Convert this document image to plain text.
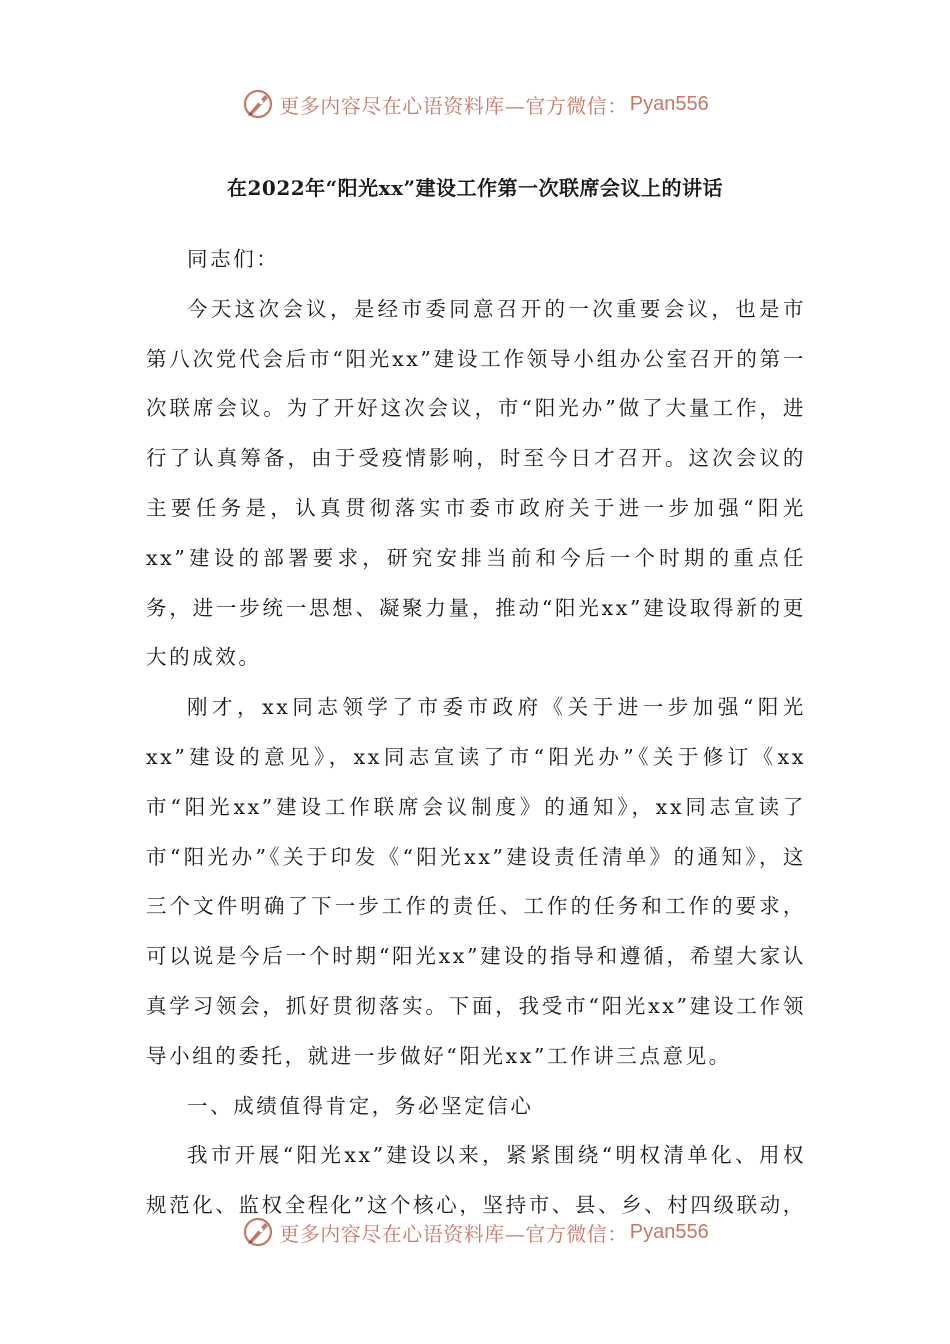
更多内容尽在心语资料库—官方微信： Pyan556
在2022年“阳光xx”建设工作第一次联席会议上的讲话

同志们：

今天这次会议，是经市委同意召开的一次重要会议，也是市第八次党代会后市“阳光xx”建设工作领导小组办公室召开的第一次联席会议。为了开好这次会议，市“阳光办”做了大量工作，进行了认真筹备，由于受疫情影响，时至今日才召开。这次会议的主要任务是，认真贯彻落实市委市政府关于进一步加强“阳光xx”建设的部署要求，研究安排当前和今后一个时期的重点任务，进一步统一思想、凝聚力量，推动“阳光xx”建设取得新的更大的成效。

刚才，xx同志领学了市委市政府《关于进一步加强“阳光xx”建设的意见》，xx同志宣读了市“阳光办”《关于修订《xx市“阳光xx”建设工作联席会议制度》的通知》，xx同志宣读了市“阳光办”《关于印发《“阳光xx”建设责任清单》的通知》，这三个文件明确了下一步工作的责任、工作的任务和工作的要求，可以说是今后一个时期“阳光xx”建设的指导和遵循，希望大家认真学习领会，抓好贯彻落实。下面，我受市“阳光xx”建设工作领导小组的委托，就进一步做好“阳光xx”工作讲三点意见。

一、成绩值得肯定，务必坚定信心

我市开展“阳光xx”建设以来，紧紧围绕“明权清单化、用权规范化、监权全程化”这个核心，坚持市、县、乡、村四级联动，

更多内容尽在心语资料库—官方微信： Pyan556
